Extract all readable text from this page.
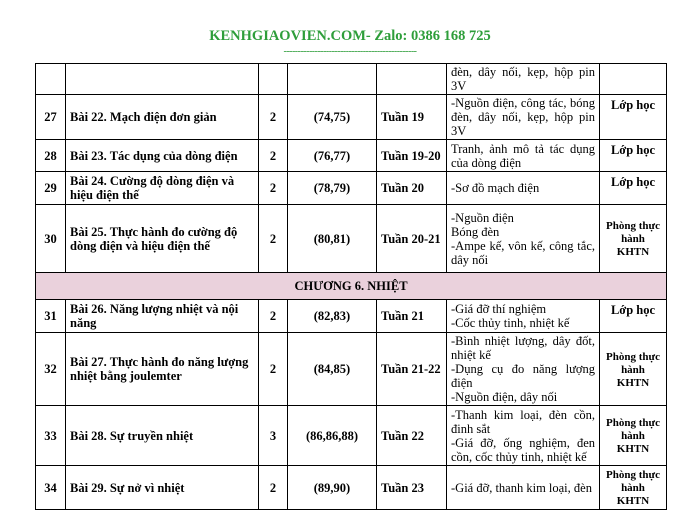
KENHGIAOVIEN.COM- Zalo: 0386 168 725
-----------------------------------------------
					đèn, dây nối, kẹp, hộp pin 3V	
27	Bài 22. Mạch điện đơn giản	2	(74,75)	Tuần 19	-Nguồn điện, công tác, bóng đèn, dây nối, kẹp, hộp pin 3V	Lớp học
28	Bài 23. Tác dụng của dòng điện	2	(76,77)	Tuần 19-20	Tranh, ảnh mô tả tác dụng của dòng điện	Lớp học
29	Bài 24. Cường độ dòng điện và hiệu điện thế	2	(78,79)	Tuần 20	-Sơ đồ mạch điện	Lớp học
30	Bài 25. Thực hành đo cường độ dòng điện và hiệu điện thế	2	(80,81)	Tuần 20-21	-Nguồn điện
Bóng đèn
-Ampe kế, vôn kế, công tắc, dây nối	Phòng thực hành KHTN
CHƯƠNG 6. NHIỆT						
31	Bài 26. Năng lượng nhiệt và nội năng	2	(82,83)	Tuần 21	-Giá đỡ thí nghiệm
-Cốc thủy tinh, nhiệt kế	Lớp học
32	Bài 27. Thực hành đo năng lượng nhiệt bằng joulemter	2	(84,85)	Tuần 21-22	-Bình nhiệt lượng, dây đốt, nhiệt kế
-Dụng cụ đo năng lượng điện
-Nguồn điện, dây nối	Phòng thực hành KHTN
33	Bài 28. Sự truyền nhiệt	3	(86,86,88)	Tuần 22	-Thanh kim loại, đèn cồn, đinh sắt
-Giá đỡ, ống nghiệm, đen cồn, cốc thủy tinh, nhiệt kế	Phòng thực hành KHTN
34	Bài 29. Sự nở vì nhiệt	2	(89,90)	Tuần 23	-Giá đỡ, thanh kim loại, đèn	Phòng thực hành KHTN
